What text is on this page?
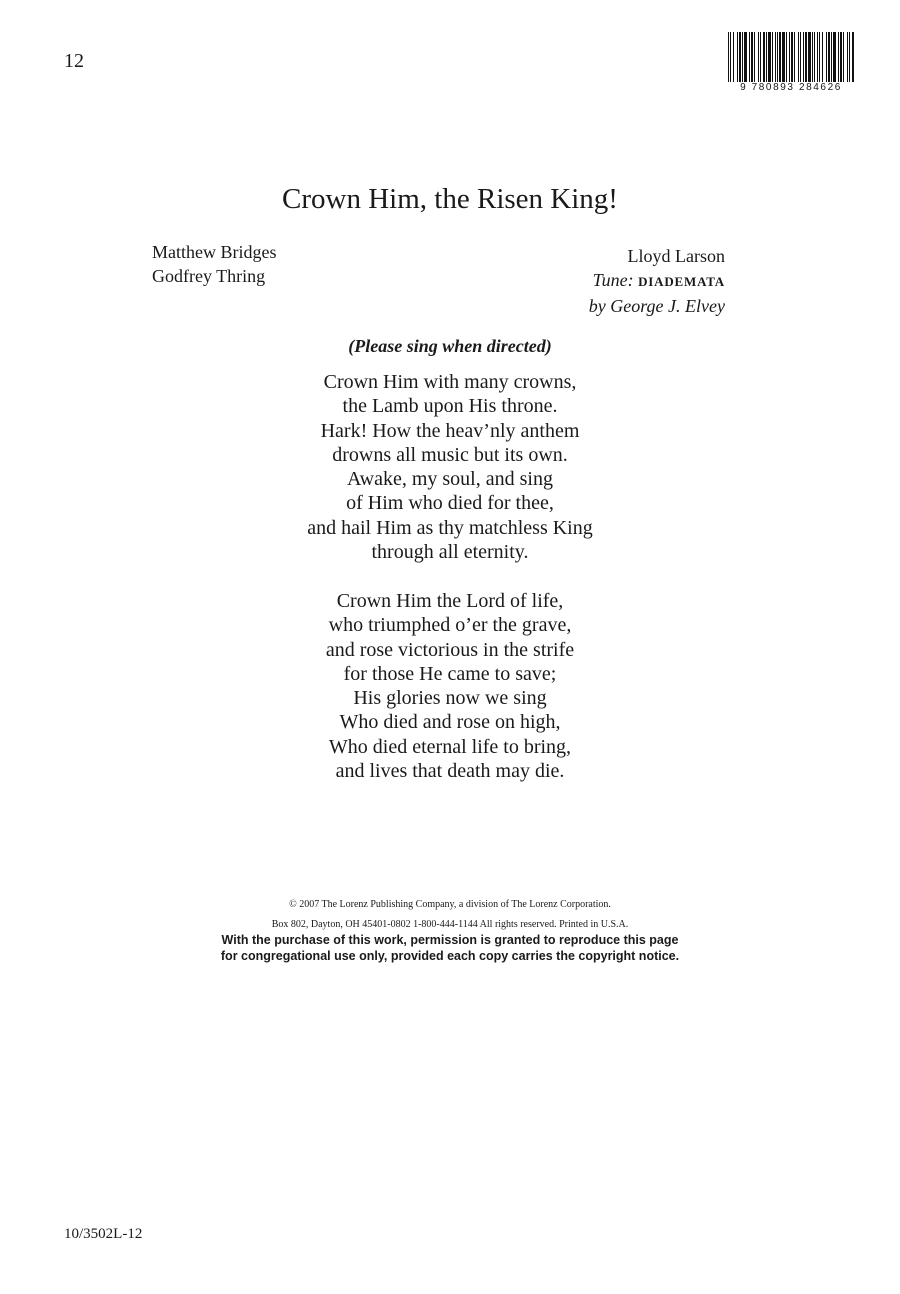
12
9 780893 284626
Crown Him, the Risen King!
Matthew Bridges
Godfrey Thring
Lloyd Larson
Tune: DIADEMATA
by George J. Elvey
(Please sing when directed)
Crown Him with many crowns,
the Lamb upon His throne.
Hark! How the heav’nly anthem
drowns all music but its own.
Awake, my soul, and sing
of Him who died for thee,
and hail Him as thy matchless King
through all eternity.
Crown Him the Lord of life,
who triumphed o’er the grave,
and rose victorious in the strife
for those He came to save;
His glories now we sing
Who died and rose on high,
Who died eternal life to bring,
and lives that death may die.
© 2007 The Lorenz Publishing Company, a division of The Lorenz Corporation.
Box 802, Dayton, OH 45401-0802 1-800-444-1144 All rights reserved. Printed in U.S.A.
With the purchase of this work, permission is granted to reproduce this page
for congregational use only, provided each copy carries the copyright notice.
10/3502L-12
